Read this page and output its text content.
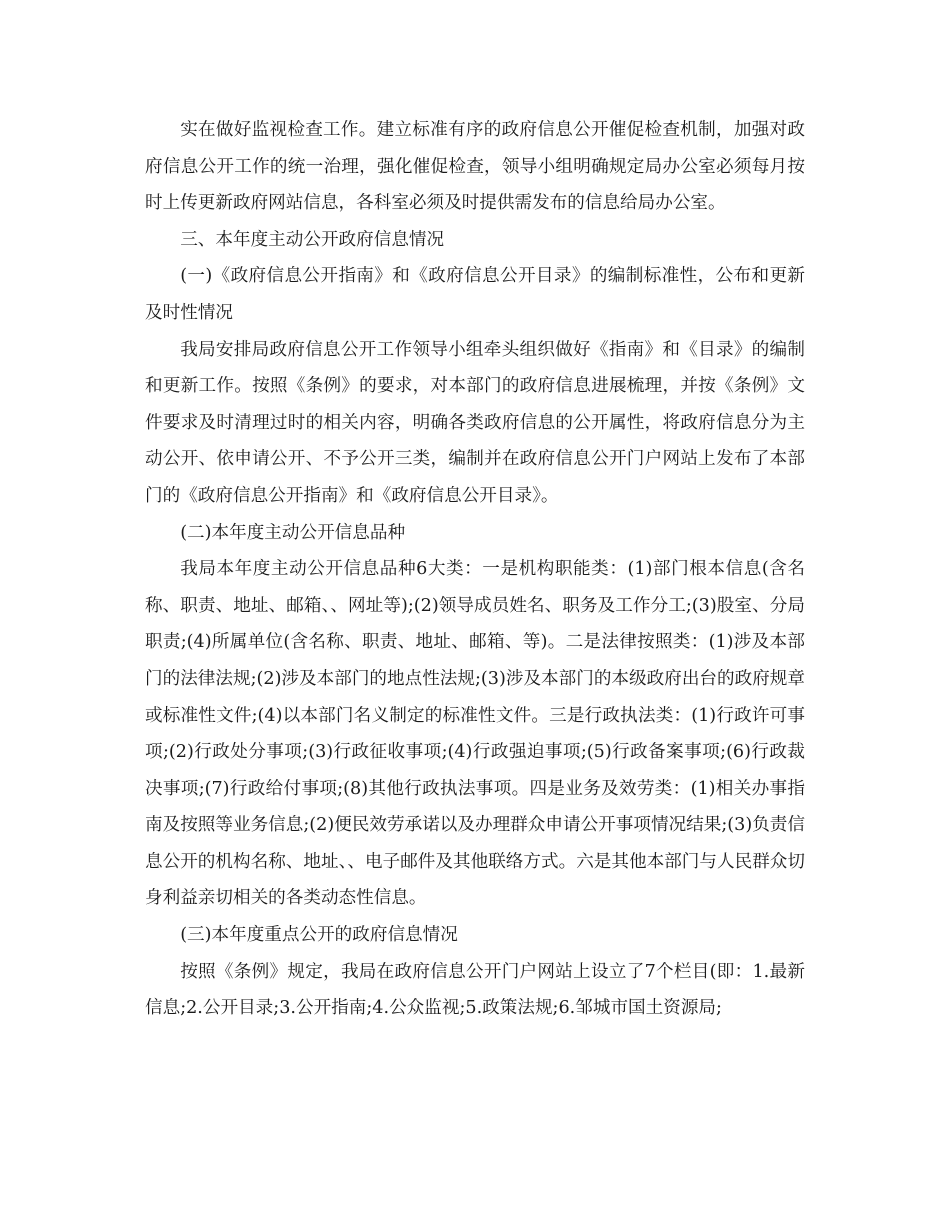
实在做好监视检查工作。建立标准有序的政府信息公开催促检查机制，加强对政府信息公开工作的统一治理，强化催促检查，领导小组明确规定局办公室必须每月按时上传更新政府网站信息，各科室必须及时提供需发布的信息给局办公室。

三、本年度主动公开政府信息情况

(一)《政府信息公开指南》和《政府信息公开目录》的编制标准性，公布和更新及时性情况

我局安排局政府信息公开工作领导小组牵头组织做好《指南》和《目录》的编制和更新工作。按照《条例》的要求，对本部门的政府信息进展梳理，并按《条例》文件要求及时清理过时的相关内容，明确各类政府信息的公开属性，将政府信息分为主动公开、依申请公开、不予公开三类，编制并在政府信息公开门户网站上发布了本部门的《政府信息公开指南》和《政府信息公开目录》。

(二)本年度主动公开信息品种

我局本年度主动公开信息品种6大类：一是机构职能类：(1)部门根本信息(含名称、职责、地址、邮箱、、网址等);(2)领导成员姓名、职务及工作分工;(3)股室、分局职责;(4)所属单位(含名称、职责、地址、邮箱、等)。二是法律按照类：(1)涉及本部门的法律法规;(2)涉及本部门的地点性法规;(3)涉及本部门的本级政府出台的政府规章或标准性文件;(4)以本部门名义制定的标准性文件。三是行政执法类：(1)行政许可事项;(2)行政处分事项;(3)行政征收事项;(4)行政强迫事项;(5)行政备案事项;(6)行政裁决事项;(7)行政给付事项;(8)其他行政执法事项。四是业务及效劳类：(1)相关办事指南及按照等业务信息;(2)便民效劳承诺以及办理群众申请公开事项情况结果;(3)负责信息公开的机构名称、地址、、电子邮件及其他联络方式。六是其他本部门与人民群众切身利益亲切相关的各类动态性信息。

(三)本年度重点公开的政府信息情况

按照《条例》规定，我局在政府信息公开门户网站上设立了7个栏目(即：1.最新信息;2.公开目录;3.公开指南;4.公众监视;5.政策法规;6.邹城市国土资源局;
